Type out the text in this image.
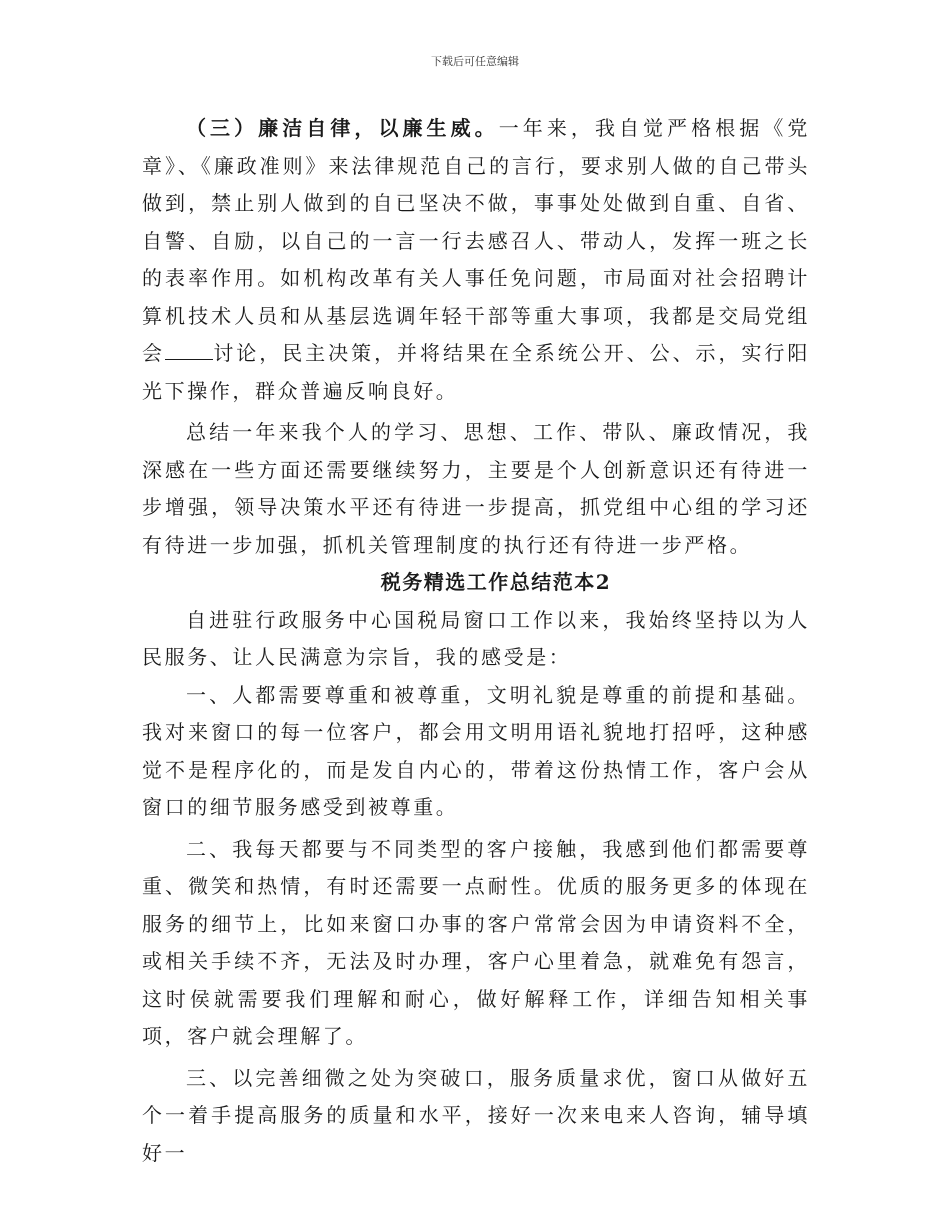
下载后可任意编辑

（三）廉洁自律，以廉生威。一年来，我自觉严格根据《党章》、《廉政准则》来法律规范自己的言行，要求别人做的自己带头做到，禁止别人做到的自已坚决不做，事事处处做到自重、自省、自警、自励，以自己的一言一行去感召人、带动人，发挥一班之长的表率作用。如机构改革有关人事任免问题，市局面对社会招聘计算机技术人员和从基层选调年轻干部等重大事项，我都是交局党组会 讨论，民主决策，并将结果在全系统公开、公、示，实行阳光下操作，群众普遍反响良好。

总结一年来我个人的学习、思想、工作、带队、廉政情况，我深感在一些方面还需要继续努力，主要是个人创新意识还有待进一步增强，领导决策水平还有待进一步提高，抓党组中心组的学习还有待进一步加强，抓机关管理制度的执行还有待进一步严格。

税务精选工作总结范本2

自进驻行政服务中心国税局窗口工作以来，我始终坚持以为人民服务、让人民满意为宗旨，我的感受是：

一、人都需要尊重和被尊重，文明礼貌是尊重的前提和基础。我对来窗口的每一位客户，都会用文明用语礼貌地打招呼，这种感觉不是程序化的，而是发自内心的，带着这份热情工作，客户会从窗口的细节服务感受到被尊重。

二、我每天都要与不同类型的客户接触，我感到他们都需要尊重、微笑和热情，有时还需要一点耐性。优质的服务更多的体现在服务的细节上，比如来窗口办事的客户常常会因为申请资料不全，或相关手续不齐，无法及时办理，客户心里着急，就难免有怨言，这时侯就需要我们理解和耐心，做好解释工作，详细告知相关事项，客户就会理解了。

三、以完善细微之处为突破口，服务质量求优，窗口从做好五个一着手提高服务的质量和水平，接好一次来电来人咨询，辅导填好一
